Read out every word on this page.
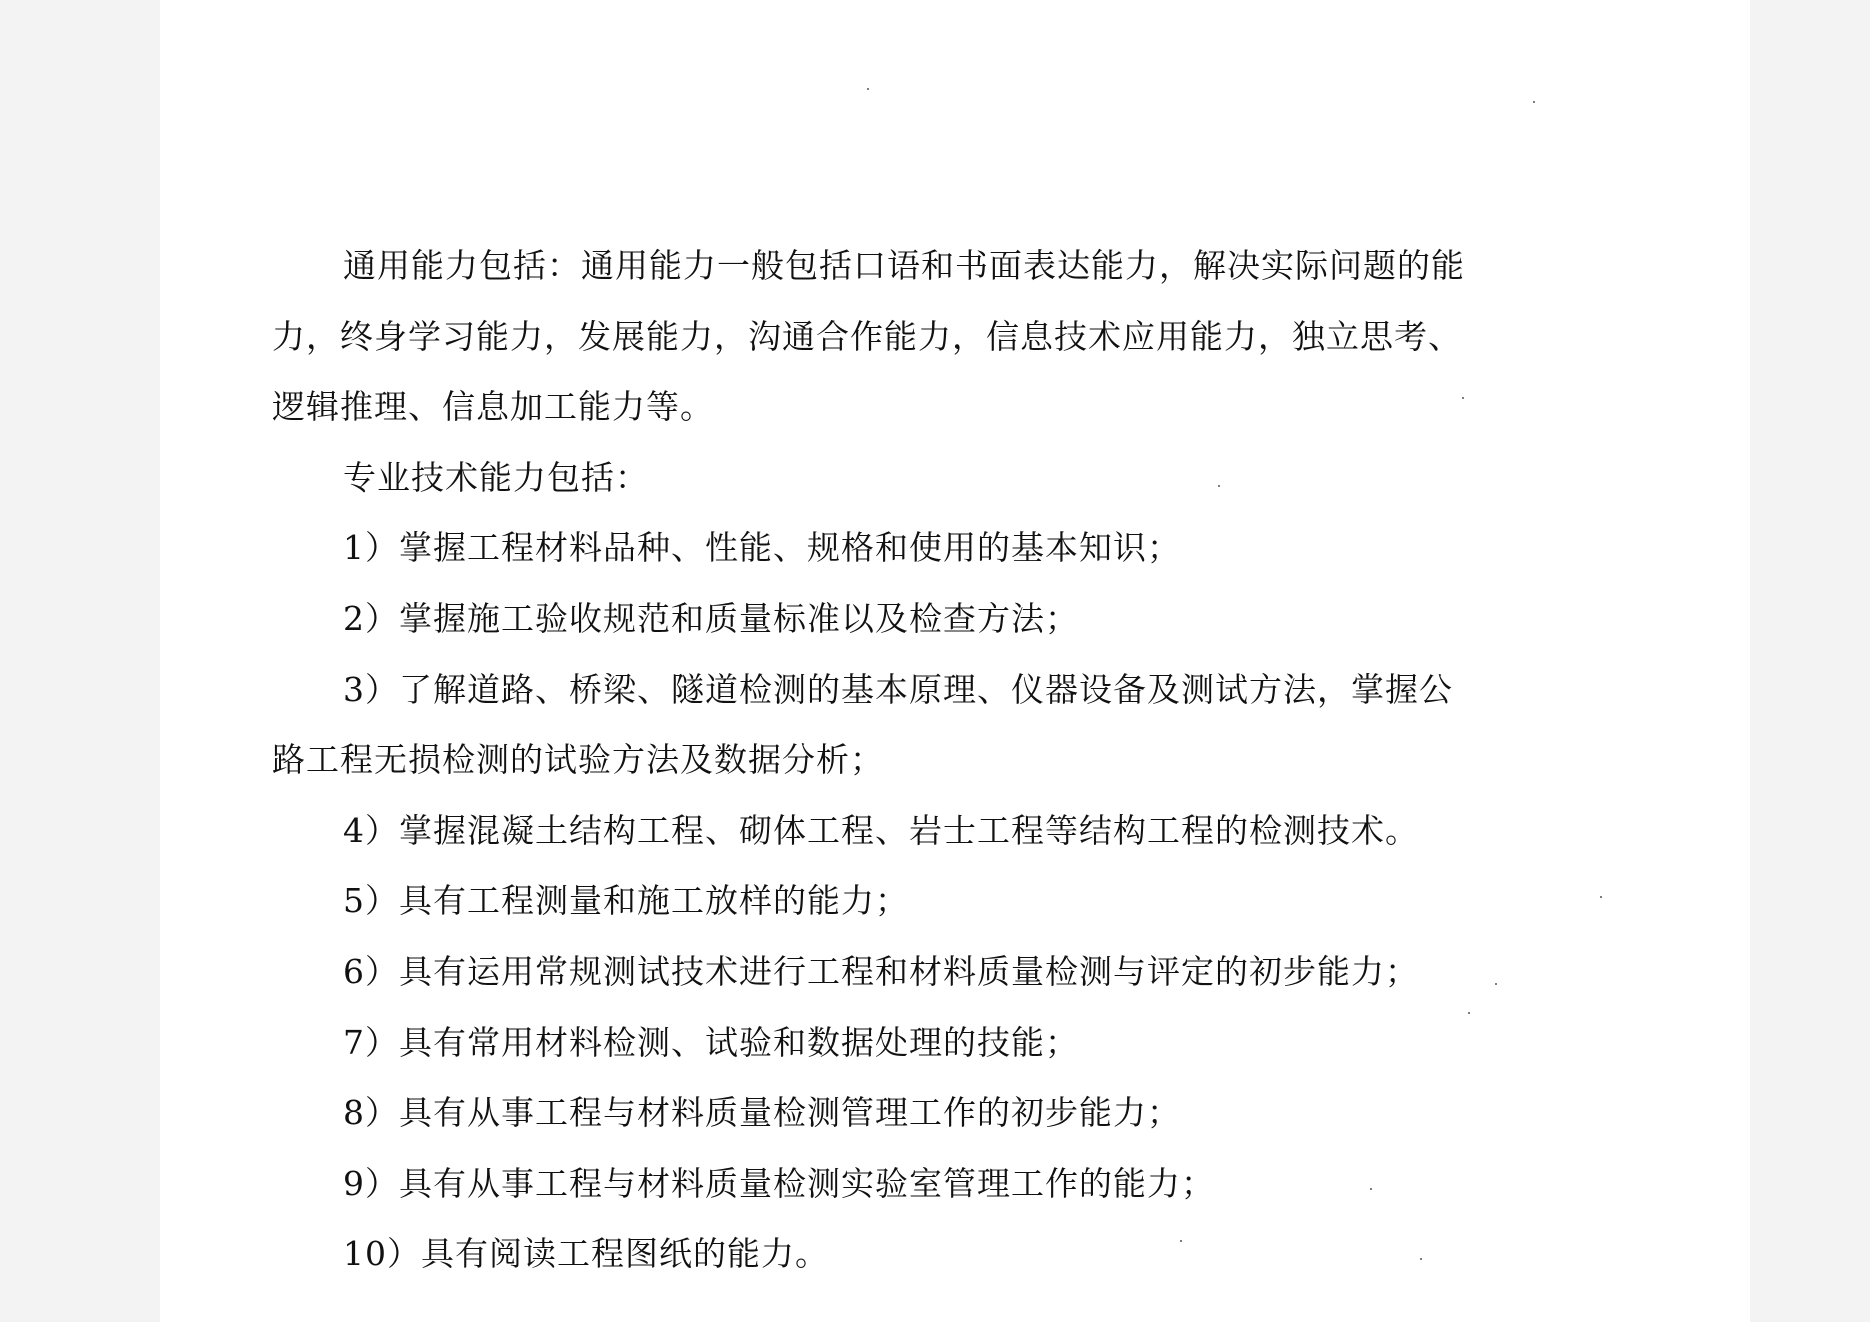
通用能力包括：通用能力一般包括口语和书面表达能力，解决实际问题的能
力，终身学习能力，发展能力，沟通合作能力，信息技术应用能力，独立思考、
逻辑推理、信息加工能力等。
专业技术能力包括：
1）掌握工程材料品种、性能、规格和使用的基本知识；
2）掌握施工验收规范和质量标准以及检查方法；
3）了解道路、桥梁、隧道检测的基本原理、仪器设备及测试方法，掌握公
路工程无损检测的试验方法及数据分析；
4）掌握混凝土结构工程、砌体工程、岩士工程等结构工程的检测技术。
5）具有工程测量和施工放样的能力；
6）具有运用常规测试技术进行工程和材料质量检测与评定的初步能力；
7）具有常用材料检测、试验和数据处理的技能；
8）具有从事工程与材料质量检测管理工作的初步能力；
9）具有从事工程与材料质量检测实验室管理工作的能力；
10）具有阅读工程图纸的能力。
